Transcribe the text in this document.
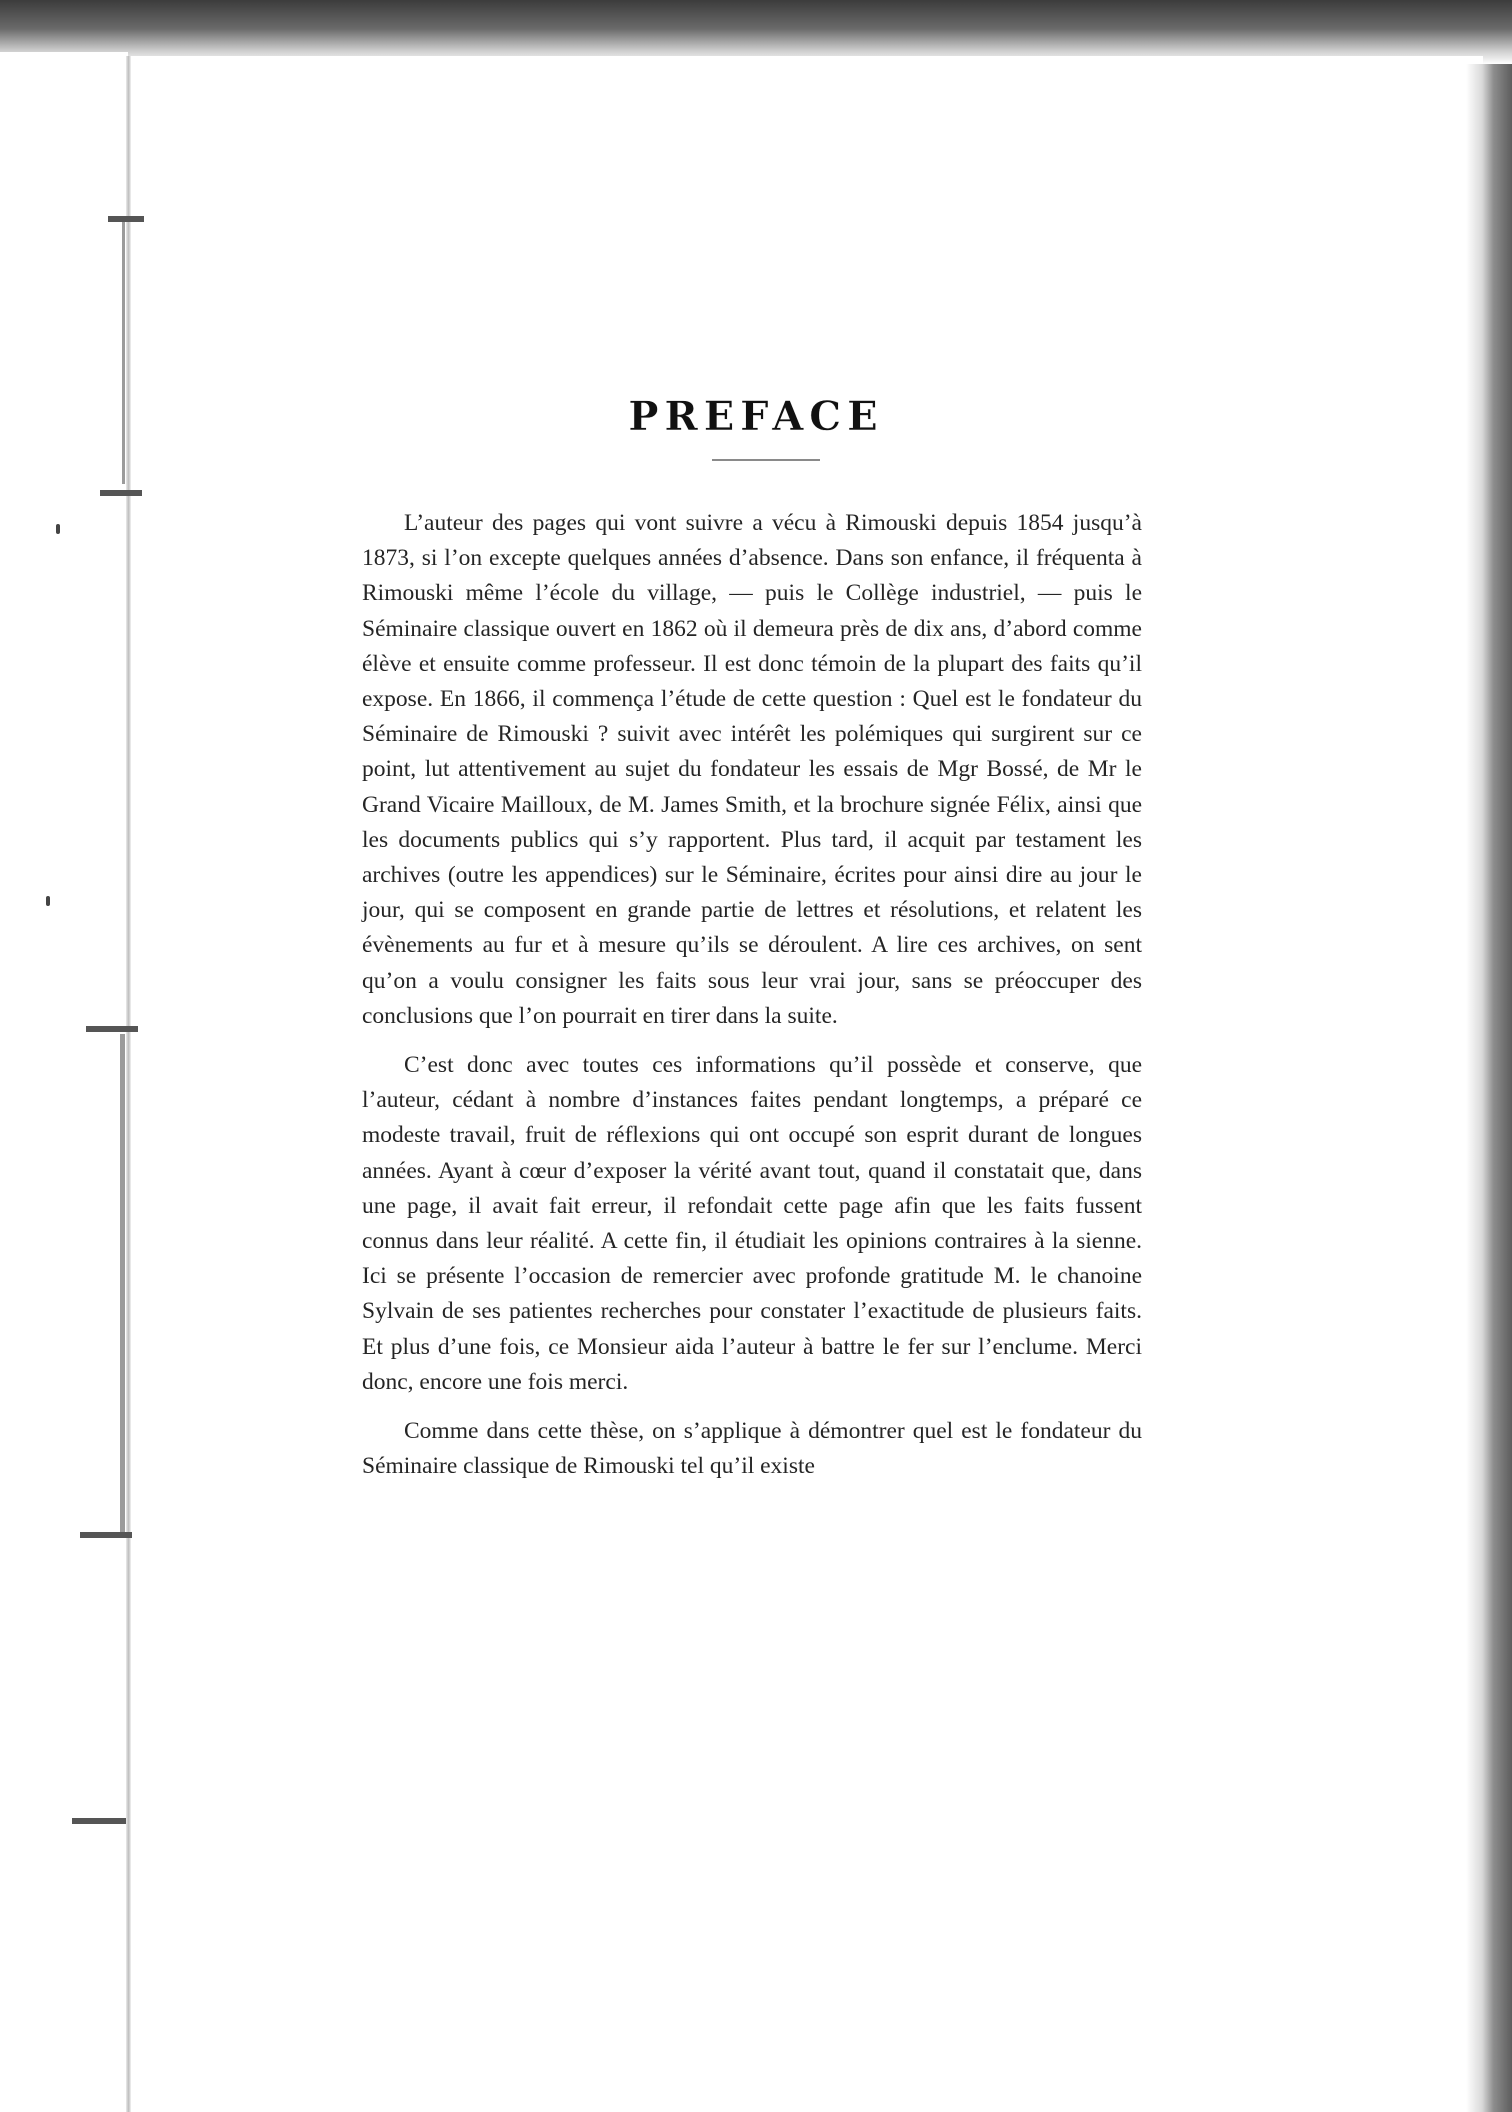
PREFACE

L’auteur des pages qui vont suivre a vécu à Rimouski depuis 1854 jusqu’à 1873, si l’on excepte quelques années d’absence. Dans son enfance, il fréquenta à Rimouski même l’école du village, — puis le Collège industriel, — puis le Séminaire classique ouvert en 1862 où il demeura près de dix ans, d’abord comme élève et ensuite comme professeur. Il est donc témoin de la plupart des faits qu’il expose. En 1866, il commença l’étude de cette question : Quel est le fondateur du Séminaire de Rimouski ? suivit avec intérêt les polémiques qui surgirent sur ce point, lut attentivement au sujet du fondateur les essais de Mgr Bossé, de Mr le Grand Vicaire Mailloux, de M. James Smith, et la brochure signée Félix, ainsi que les documents publics qui s’y rapportent. Plus tard, il acquit par testament les archives (outre les appendices) sur le Séminaire, écrites pour ainsi dire au jour le jour, qui se composent en grande partie de lettres et résolutions, et relatent les évènements au fur et à mesure qu’ils se déroulent. A lire ces archives, on sent qu’on a voulu consigner les faits sous leur vrai jour, sans se préoccuper des conclusions que l’on pourrait en tirer dans la suite.

C’est donc avec toutes ces informations qu’il possède et conserve, que l’auteur, cédant à nombre d’instances faites pendant longtemps, a préparé ce modeste travail, fruit de réflexions qui ont occupé son esprit durant de longues années. Ayant à cœur d’exposer la vérité avant tout, quand il constatait que, dans une page, il avait fait erreur, il refondait cette page afin que les faits fussent connus dans leur réalité. A cette fin, il étudiait les opinions contraires à la sienne. Ici se présente l’occasion de remercier avec profonde gratitude M. le chanoine Sylvain de ses patientes recherches pour constater l’exactitude de plusieurs faits. Et plus d’une fois, ce Monsieur aida l’auteur à battre le fer sur l’enclume. Merci donc, encore une fois merci.

Comme dans cette thèse, on s’applique à démontrer quel est le fondateur du Séminaire classique de Rimouski tel qu’il existe
